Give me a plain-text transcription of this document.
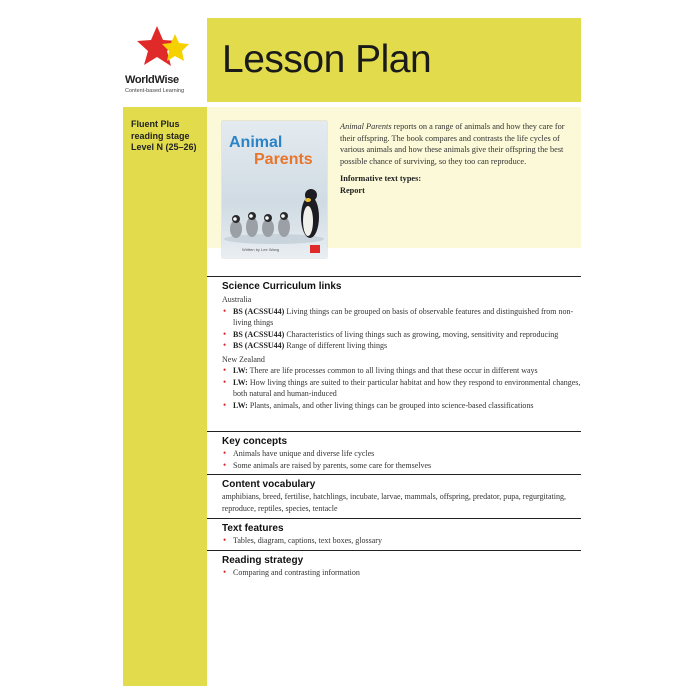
WorldWise
Content-based Learning
Lesson Plan
Fluent Plus
reading stage
Level N (25–26)	Animal
Parents
Written by Lee Wang

Animal Parents reports on a range of animals and how they care for their offspring. The book compares and contrasts the life cycles of various animals and how these animals give their offspring the best possible chance of surviving, so they too can reproduce.

Informative text types:
Report
Science Curriculum links
Australia
• BS (ACSSU44) Living things can be grouped on basis of observable features and distinguished from non-living things
• BS (ACSSU44) Characteristics of living things such as growing, moving, sensitivity and reproducing
• BS (ACSSU44) Range of different living things
New Zealand
• LW: There are life processes common to all living things and that these occur in different ways
• LW: How living things are suited to their particular habitat and how they respond to environmental changes, both natural and human-induced
• LW: Plants, animals, and other living things can be grouped into science-based classifications
Key concepts
• Animals have unique and diverse life cycles
• Some animals are raised by parents, some care for themselves
Content vocabulary
amphibians, breed, fertilise, hatchlings, incubate, larvae, mammals, offspring, predator, pupa, regurgitating, reproduce, reptiles, species, tentacle
Text features
• Tables, diagram, captions, text boxes, glossary
Reading strategy
• Comparing and contrasting information
